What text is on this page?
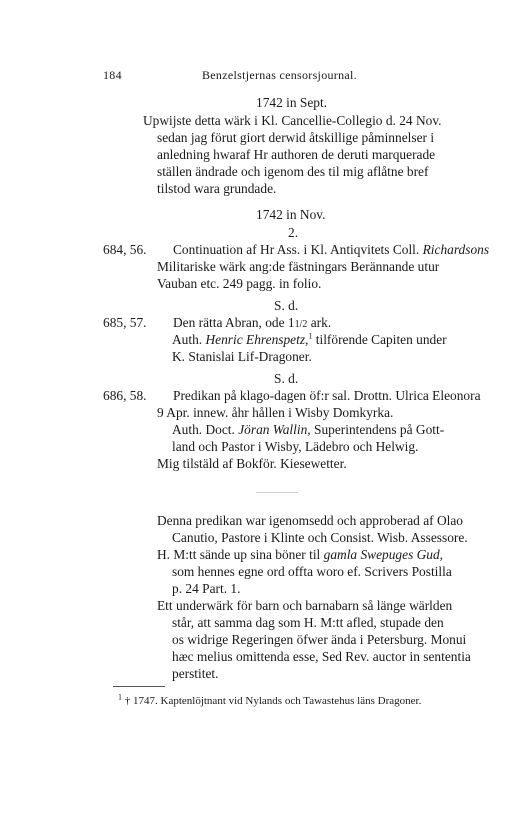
184	Benzelstjernas censorsjournal.
1742 in Sept.
Upwijste detta wärk i Kl. Cancellie-Collegio d. 24 Nov.
sedan jag förut giort derwid åtskillige påminnelser i
anledning hwaraf Hr authoren de deruti marquerade
ställen ändrade och igenom des til mig aflåtne bref
tilstod wara grundade.
1742 in Nov.
2.
684, 56. Continuation af Hr Ass. i Kl. Antiqvitets Coll. Richardsons
Militariske wärk ang:de fästningars Berännande utur
Vauban etc. 249 pagg. in folio.
S. d.
685, 57. Den rätta Abran, ode 11/2 ark.
Auth. Henric Ehrenspetz,$^1$ tilförende Capiten under
K. Stanislai Lif-Dragoner.
S. d.
686, 58. Predikan på klago-dagen öf:r sal. Drottn. Ulrica Eleonora
9 Apr. innew. åhr hållen i Wisby Domkyrka.
Auth. Doct. Jöran Wallin, Superintendens på Gott-
land och Pastor i Wisby, Lädebro och Helwig.
Mig tilstäld af Bokför. Kiesewetter.
Denna predikan war igenomsedd och approberad af Olao
Canutio, Pastore i Klinte och Consist. Wisb. Assessore.
H. M:tt sände up sina böner til gamla Swериges Gud,
som hennes egne ord offta woro ef. Scrivers Postilla
p. 24 Part. 1.
Ett underwärk för barn och barnabarn så länge wärlden
står, att samma dag som H. M:tt afled, stupade den
os widrige Regeringen öfwer ända i Petersburg. Monui
hæc melius omittenda esse, Sed Rev. auctor in sententia
perstitet.
$^1$ † 1747. Kaptenlöjtnant vid Nylands och Tawastehus läns Dragoner.
